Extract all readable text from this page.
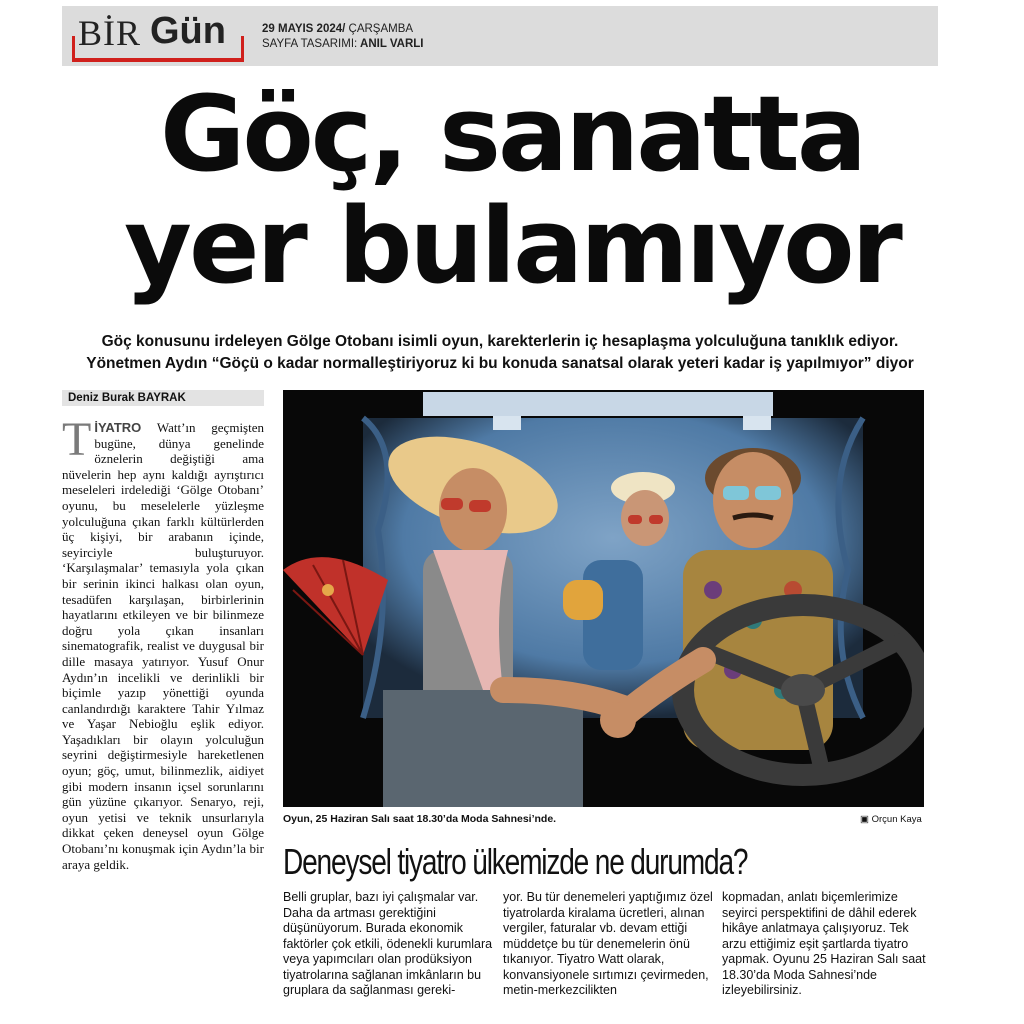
BİR Gün	29 MAYIS 2024/ ÇARŞAMBA
SAYFA TASARIMI: ANIL VARLI
Göç, sanatta
yer bulamıyor
Göç konusunu irdeleyen Gölge Otobanı isimli oyun, karekterlerin iç hesaplaşma yolculuğuna tanıklık ediyor.
Yönetmen Aydın “Göçü o kadar normalleştiriyoruz ki bu konuda sanatsal olarak yeteri kadar iş yapılmıyor” diyor
Deniz Burak BAYRAK
TİYATRO Watt’ın geçmişten bugüne, dünya genelinde öznelerin değiştiği ama nüvelerin hep aynı kaldığı ayrıştırıcı meseleleri irdelediği ‘Gölge Otobanı’ oyunu, bu meselelerle yüzleşme yolculuğuna çıkan farklı kültürlerden üç kişiyi, bir arabanın içinde, seyirciyle buluşturuyor. ‘Karşılaşmalar’ temasıyla yola çıkan bir serinin ikinci halkası olan oyun, tesadüfen karşılaşan, birbirlerinin hayatlarını etkileyen ve bir bilinmeze doğru yola çıkan insanları sinematografik, realist ve duygusal bir dille masaya yatırıyor. Yusuf Onur Aydın’ın incelikli ve derinlikli bir biçimle yazıp yönettiği oyunda canlandırdığı karaktere Tahir Yılmaz ve Yaşar Nebioğlu eşlik ediyor. Yaşadıkları bir olayın yolculuğun seyrini değiştirmesiyle hareketlenen oyun; göç, umut, bilinmezlik, aidiyet gibi modern insanın içsel sorunlarını gün yüzüne çıkarıyor. Senaryo, reji, oyun yetisi ve teknik unsurlarıyla dikkat çeken deneysel oyun Gölge Otobanı’nı konuşmak için Aydın’la bir araya geldik.
Oyun, 25 Haziran Salı saat 18.30’da Moda Sahnesi’nde.	▣ Orçun Kaya
Deneysel tiyatro ülkemizde ne durumda?
Belli gruplar, bazı iyi çalışmalar var. Daha da artması gerektiğini düşünüyorum. Burada ekonomik faktörler çok etkili, ödenekli kurumlara veya yapımcıları olan prodüksiyon tiyatrolarına sağlanan imkânların bu gruplara da sağlanması gereki-
yor. Bu tür denemeleri yaptığımız özel tiyatrolarda kiralama ücretleri, alınan vergiler, faturalar vb. devam ettiği müddetçe bu tür denemelerin önü tıkanıyor. Tiyatro Watt olarak, konvansiyonele sırtımızı çevirmeden, metin-merkezcilikten
kopmadan, anlatı biçemlerimize seyirci perspektifini de dâhil ederek hikâye anlatmaya çalışıyoruz. Tek arzu ettiğimiz eşit şartlarda tiyatro yapmak. Oyunu 25 Haziran Salı saat 18.30’da Moda Sahnesi’nde izleyebilirsiniz.
